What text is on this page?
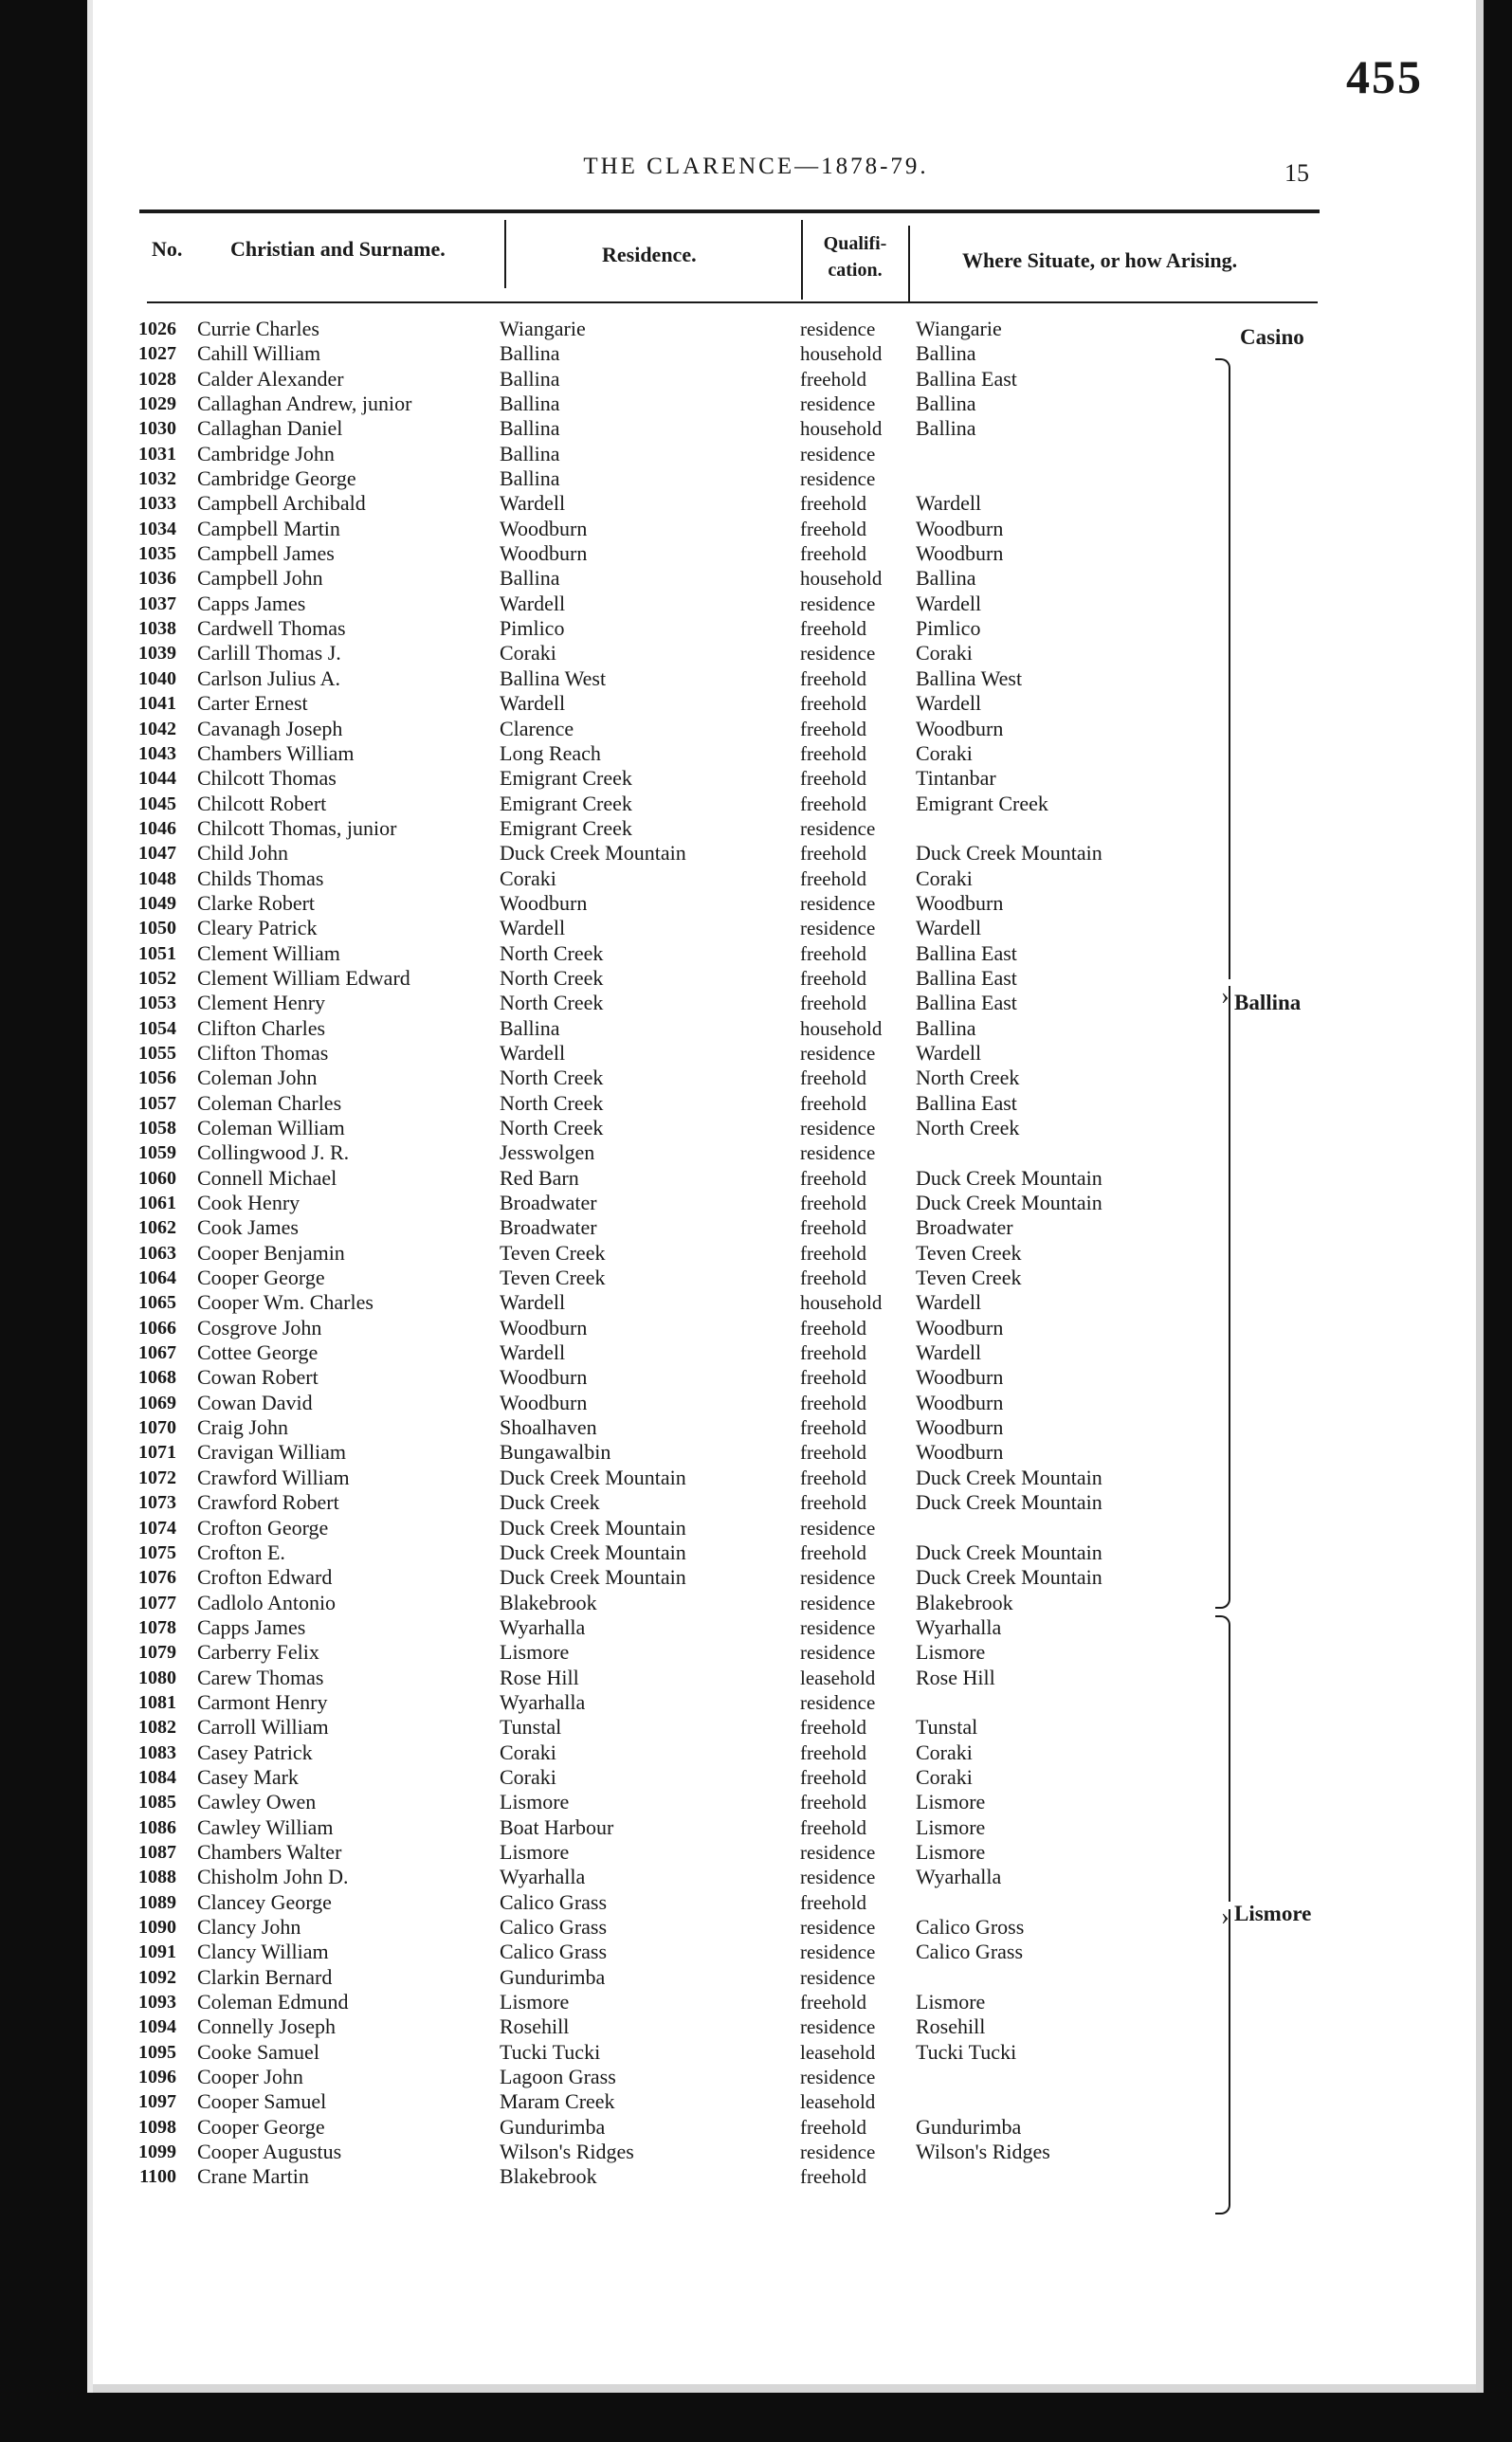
455
THE CLARENCE—1878-79.	15
No. Christian and Surname.	Residence.	Qualifi-
cation.	Where Situate, or how Arising.
1026 Currie Charles	Wiangarie	residence Wiangarie
1027 Cahill William	Ballina	household Ballina
1028 Calder Alexander	Ballina	freehold Ballina East
1029 Callaghan Andrew, junior	Ballina	residence Ballina
1030 Callaghan Daniel	Ballina	household Ballina
1031 Cambridge John	Ballina	residence
1032 Cambridge George	Ballina	residence
1033 Campbell Archibald	Wardell	freehold Wardell
1034 Campbell Martin	Woodburn	freehold Woodburn
1035 Campbell James	Woodburn	freehold Woodburn
1036 Campbell John	Ballina	household Ballina
1037 Capps James	Wardell	residence Wardell
1038 Cardwell Thomas	Pimlico	freehold Pimlico
1039 Carlill Thomas J.	Coraki	residence Coraki
1040 Carlson Julius A.	Ballina West	freehold Ballina West
1041 Carter Ernest	Wardell	freehold Wardell
1042 Cavanagh Joseph	Clarence	freehold Woodburn
1043 Chambers William	Long Reach	freehold Coraki
1044 Chilcott Thomas	Emigrant Creek	freehold Tintanbar
1045 Chilcott Robert	Emigrant Creek	freehold Emigrant Creek
1046 Chilcott Thomas, junior	Emigrant Creek	residence
1047 Child John	Duck Creek Mountain	freehold Duck Creek Mountain
1048 Childs Thomas	Coraki	freehold Coraki
1049 Clarke Robert	Woodburn	residence Woodburn
1050 Cleary Patrick	Wardell	residence Wardell
1051 Clement William	North Creek	freehold Ballina East
1052 Clement William Edward	North Creek	freehold Ballina East
1053 Clement Henry	North Creek	freehold Ballina East
1054 Clifton Charles	Ballina	household Ballina
1055 Clifton Thomas	Wardell	residence Wardell
1056 Coleman John	North Creek	freehold North Creek
1057 Coleman Charles	North Creek	freehold Ballina East
1058 Coleman William	North Creek	residence North Creek
1059 Collingwood J. R.	Jesswolgen	residence
1060 Connell Michael	Red Barn	freehold Duck Creek Mountain
1061 Cook Henry	Broadwater	freehold Duck Creek Mountain
1062 Cook James	Broadwater	freehold Broadwater
1063 Cooper Benjamin	Teven Creek	freehold Teven Creek
1064 Cooper George	Teven Creek	freehold Teven Creek
1065 Cooper Wm. Charles	Wardell	household Wardell
1066 Cosgrove John	Woodburn	freehold Woodburn
1067 Cottee George	Wardell	freehold Wardell
1068 Cowan Robert	Woodburn	freehold Woodburn
1069 Cowan David	Woodburn	freehold Woodburn
1070 Craig John	Shoalhaven	freehold Woodburn
1071 Cravigan William	Bungawalbin	freehold Woodburn
1072 Crawford William	Duck Creek Mountain	freehold Duck Creek Mountain
1073 Crawford Robert	Duck Creek	freehold Duck Creek Mountain
1074 Crofton George	Duck Creek Mountain	residence
1075 Crofton E.	Duck Creek Mountain	freehold Duck Creek Mountain
1076 Crofton Edward	Duck Creek Mountain	residence Duck Creek Mountain
1077 Cadlolo Antonio	Blakebrook	residence Blakebrook
1078 Capps James	Wyarhalla	residence Wyarhalla
1079 Carberry Felix	Lismore	residence Lismore
1080 Carew Thomas	Rose Hill	leasehold Rose Hill
1081 Carmont Henry	Wyarhalla	residence
1082 Carroll William	Tunstal	freehold Tunstal
1083 Casey Patrick	Coraki	freehold Coraki
1084 Casey Mark	Coraki	freehold Coraki
1085 Cawley Owen	Lismore	freehold Lismore
1086 Cawley William	Boat Harbour	freehold Lismore
1087 Chambers Walter	Lismore	residence Lismore
1088 Chisholm John D.	Wyarhalla	residence Wyarhalla
1089 Clancey George	Calico Grass	freehold
1090 Clancy John	Calico Grass	residence Calico Gross
1091 Clancy William	Calico Grass	residence Calico Grass
1092 Clarkin Bernard	Gundurimba	residence
1093 Coleman Edmund	Lismore	freehold Lismore
1094 Connelly Joseph	Rosehill	residence Rosehill
1095 Cooke Samuel	Tucki Tucki	leasehold Tucki Tucki
1096 Cooper John	Lagoon Grass	residence
1097 Cooper Samuel	Maram Creek	leasehold
1098 Cooper George	Gundurimba	freehold Gundurimba
1099 Cooper Augustus	Wilson's Ridges	residence Wilson's Ridges
1100 Crane Martin	Blakebrook	freehold
Casino
› Ballina
› Lismore
